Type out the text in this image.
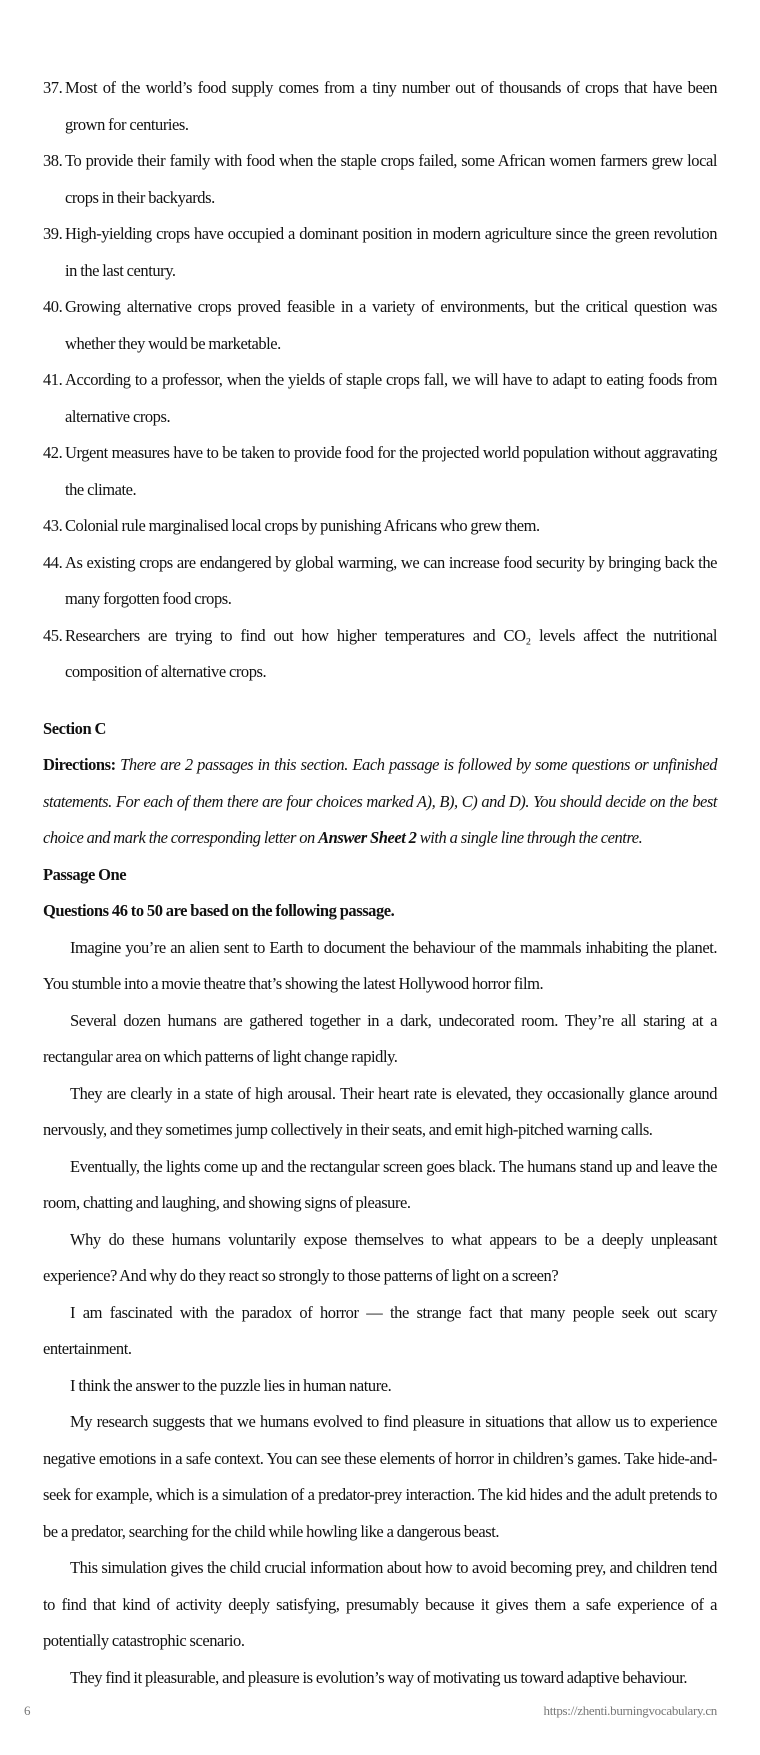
37. Most of the world’s food supply comes from a tiny number out of thousands of crops that have been grown for centuries.
38. To provide their family with food when the staple crops failed, some African women farmers grew local crops in their backyards.
39. High-yielding crops have occupied a dominant position in modern agriculture since the green revolution in the last century.
40. Growing alternative crops proved feasible in a variety of environments, but the critical question was whether they would be marketable.
41. According to a professor, when the yields of staple crops fall, we will have to adapt to eating foods from alternative crops.
42. Urgent measures have to be taken to provide food for the projected world population without aggravating the climate.
43. Colonial rule marginalised local crops by punishing Africans who grew them.
44. As existing crops are endangered by global warming, we can increase food security by bringing back the many forgotten food crops.
45. Researchers are trying to find out how higher temperatures and CO₂ levels affect the nutritional composition of alternative crops.
Section C
Directions: There are 2 passages in this section. Each passage is followed by some questions or unfinished statements. For each of them there are four choices marked A), B), C) and D). You should decide on the best choice and mark the corresponding letter on Answer Sheet 2 with a single line through the centre.
Passage One
Questions 46 to 50 are based on the following passage.

Imagine you’re an alien sent to Earth to document the behaviour of the mammals inhabiting the planet. You stumble into a movie theatre that’s showing the latest Hollywood horror film.

Several dozen humans are gathered together in a dark, undecorated room. They’re all staring at a rectangular area on which patterns of light change rapidly.

They are clearly in a state of high arousal. Their heart rate is elevated, they occasionally glance around nervously, and they sometimes jump collectively in their seats, and emit high-pitched warning calls.

Eventually, the lights come up and the rectangular screen goes black. The humans stand up and leave the room, chatting and laughing, and showing signs of pleasure.

Why do these humans voluntarily expose themselves to what appears to be a deeply unpleasant experience? And why do they react so strongly to those patterns of light on a screen?

I am fascinated with the paradox of horror — the strange fact that many people seek out scary entertainment.

I think the answer to the puzzle lies in human nature.

My research suggests that we humans evolved to find pleasure in situations that allow us to experience negative emotions in a safe context. You can see these elements of horror in children’s games. Take hide-and-seek for example, which is a simulation of a predator-prey interaction. The kid hides and the adult pretends to be a predator, searching for the child while howling like a dangerous beast.

This simulation gives the child crucial information about how to avoid becoming prey, and children tend to find that kind of activity deeply satisfying, presumably because it gives them a safe experience of a potentially catastrophic scenario.

They find it pleasurable, and pleasure is evolution’s way of motivating us toward adaptive behaviour.

6	https://zhenti.burningvocabulary.cn
